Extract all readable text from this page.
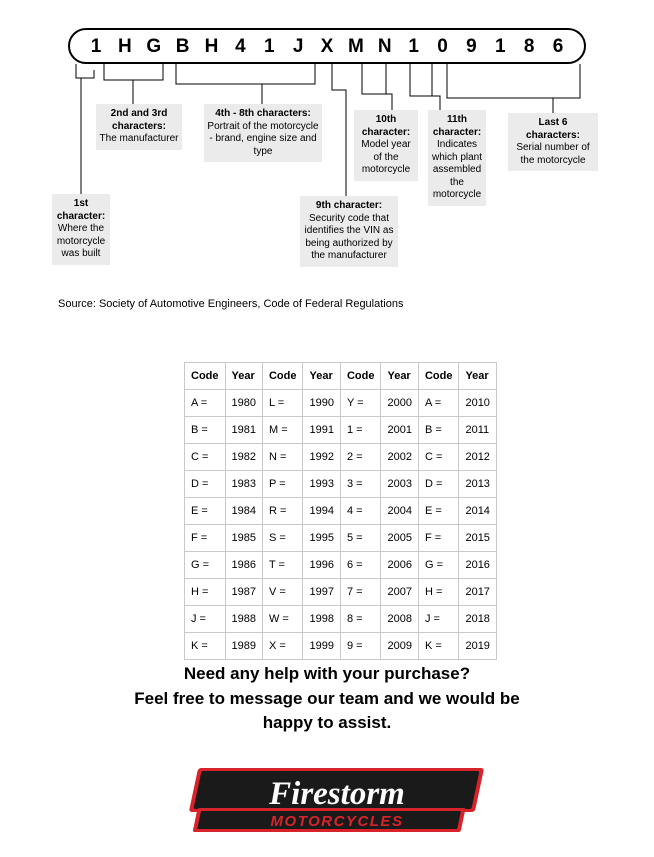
1 H G B H 4 1 J X M N 1 0 9 1 8 6
1st character:
Where the motorcycle was built
2nd and 3rd characters:
The manufacturer
4th - 8th characters:
Portrait of the motorcycle - brand, engine size and type
10th character:
Model year of the motorcycle
11th character:
Indicates which plant assembled the motorcycle
Last 6 characters:
Serial number of the motorcycle
9th character:
Security code that identifies the VIN as being authorized by the manufacturer
Source: Society of Automotive Engineers, Code of Federal Regulations
Code	Year	Code	Year	Code	Year	Code	Year
A =	1980	L =	1990	Y =	2000	A =	2010
B =	1981	M =	1991	1 =	2001	B =	2011
C =	1982	N =	1992	2 =	2002	C =	2012
D =	1983	P =	1993	3 =	2003	D =	2013
E =	1984	R =	1994	4 =	2004	E =	2014
F =	1985	S =	1995	5 =	2005	F =	2015
G =	1986	T =	1996	6 =	2006	G =	2016
H =	1987	V =	1997	7 =	2007	H =	2017
J =	1988	W =	1998	8 =	2008	J =	2018
K =	1989	X =	1999	9 =	2009	K =	2019
Need any help with your purchase?
Feel free to message our team and we would be
happy to assist.
Firestorm
MOTORCYCLES
